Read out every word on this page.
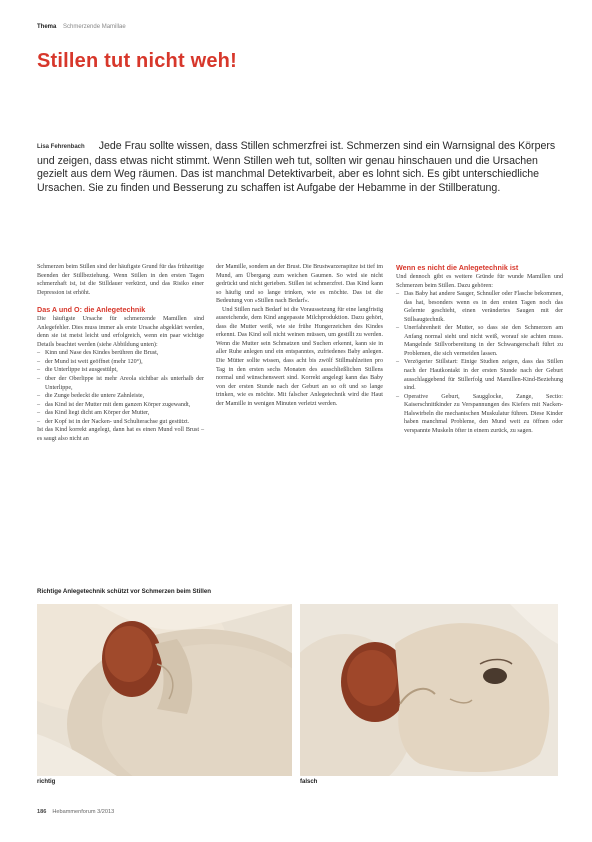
Thema Schmerzende Mamillae
Stillen tut nicht weh!
Lisa Fehrenbach Jede Frau sollte wissen, dass Stillen schmerzfrei ist. Schmerzen sind ein Warnsignal des Körpers und zeigen, dass etwas nicht stimmt. Wenn Stillen weh tut, sollten wir genau hinschauen und die Ursachen gezielt aus dem Weg räumen. Das ist manchmal Detektivarbeit, aber es lohnt sich. Es gibt unterschiedliche Ursachen. Sie zu finden und Besserung zu schaffen ist Aufgabe der Hebamme in der Stillberatung.

Schmerzen beim Stillen sind der häufigste Grund für das frühzeitige Beenden der Stillbeziehung. Wenn Stillen in den ersten Tagen schmerzhaft ist, ist die Stilldauer verkürzt, und das Risiko einer Depression ist erhöht.

Das A und O: die Anlegetechnik

Die häufigste Ursache für schmerzende Mamillen sind Anlegefehler. Dies muss immer als erste Ursache abgeklärt werden, denn sie ist meist leicht und erfolgreich, wenn ein paar wichtige Details beachtet werden (siehe Abbildung unten):

– Kinn und Nase des Kindes berühren die Brust,
– der Mund ist weit geöffnet (mehr 120°),
– die Unterlippe ist ausgestülpt,
– über der Oberlippe ist mehr Areola sichtbar als unterhalb der Unterlippe,
– die Zunge bedeckt die untere Zahnleiste,
– das Kind ist der Mutter mit dem ganzen Körper zugewandt,
– das Kind liegt dicht am Körper der Mutter,
– der Kopf ist in der Nacken- und Schulterachse gut gestützt.

Ist das Kind korrekt angelegt, dann hat es einen Mund voll Brust – es saugt also nicht an

der Mamille, sondern an der Brust. Die Brustwarzenspitze ist tief im Mund, am Übergang zum weichen Gaumen. So wird sie nicht gedrückt und nicht gerieben. Stillen ist schmerzfrei. Das Kind kann so häufig und so lange trinken, wie es möchte. Das ist die Bedeutung von »Stillen nach Bedarf«.

Und Stillen nach Bedarf ist die Voraussetzung für eine langfristig ausreichende, dem Kind angepasste Milchproduktion. Dazu gehört, dass die Mutter weiß, wie sie frühe Hungerzeichen des Kindes erkennt. Das Kind soll nicht weinen müssen, um gestillt zu werden. Wenn die Mutter sein Schmatzen und Suchen erkennt, kann sie in aller Ruhe anlegen und ein entspanntes, zufriedenes Baby anlegen. Die Mütter sollte wissen, dass acht bis zwölf Stillmahlzeiten pro Tag in den ersten sechs Monaten des ausschließlichen Stillens normal und wünschenswert sind. Korrekt angelegt kann das Baby von der ersten Stunde nach der Geburt an so oft und so lange trinken, wie es möchte. Mit falscher Anlegetechnik wird die Haut der Mamille in wenigen Minuten verletzt werden.

Wenn es nicht die Anlegetechnik ist

Und dennoch gibt es weitere Gründe für wunde Mamillen und Schmerzen beim Stillen. Dazu gehören:

– Das Baby hat andere Sauger, Schnuller oder Flasche bekommen, das hat, besonders wenn es in den ersten Tagen noch das Gelernte geschieht, einen verändertes Saugen mit der Stillsaugtechnik.
– Unerfahrenheit der Mutter, so dass sie den Schmerzen am Anfang normal sieht und nicht weiß, worauf sie achten muss. Mangelnde Stillvorbereitung in der Schwangerschaft führt zu Problemen, die sich vermeiden lassen.
– Verzögerter Stillstart: Einige Studien zeigen, dass das Stillen nach der Hautkontakt in der ersten Stunde nach der Geburt ausschlaggebend für Stillerfolg und Mamillen-Kind-Beziehung sind.
– Operative Geburt, Saugglocke, Zange, Sectio: Kaiserschnittkinder zu Verspannungen des Kiefers mit Nacken-Halswirbeln die mechanischen Muskulatur führen. Diese Kinder haben manchmal Probleme, den Mund weit zu öffnen oder verspannte Muskeln öfter in einem zurück, zu sagen.
Richtige Anlegetechnik schützt vor Schmerzen beim Stillen
richtig	falsch
186 Hebammenforum 3/2013
